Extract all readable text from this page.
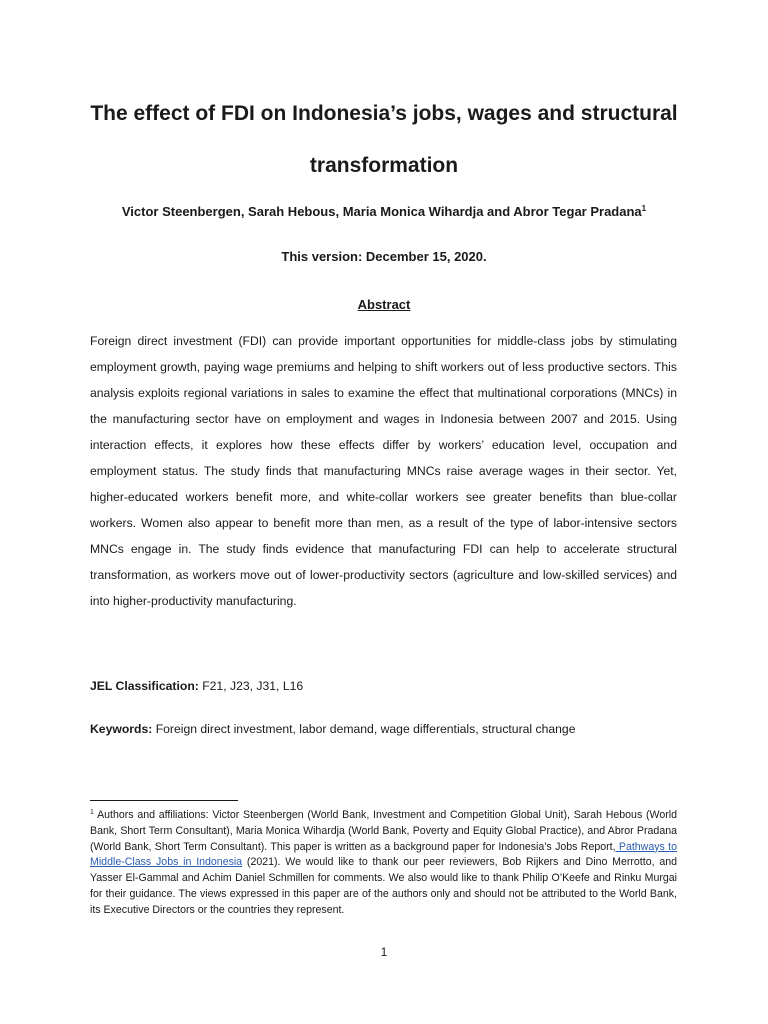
The effect of FDI on Indonesia’s jobs, wages and structural transformation
Victor Steenbergen, Sarah Hebous, Maria Monica Wihardja and Abror Tegar Pradana$^1$
This version: December 15, 2020.
Abstract

Foreign direct investment (FDI) can provide important opportunities for middle-class jobs by stimulating employment growth, paying wage premiums and helping to shift workers out of less productive sectors. This analysis exploits regional variations in sales to examine the effect that multinational corporations (MNCs) in the manufacturing sector have on employment and wages in Indonesia between 2007 and 2015. Using interaction effects, it explores how these effects differ by workers’ education level, occupation and employment status. The study finds that manufacturing MNCs raise average wages in their sector. Yet, higher-educated workers benefit more, and white-collar workers see greater benefits than blue-collar workers. Women also appear to benefit more than men, as a result of the type of labor-intensive sectors MNCs engage in. The study finds evidence that manufacturing FDI can help to accelerate structural transformation, as workers move out of lower-productivity sectors (agriculture and low-skilled services) and into higher-productivity manufacturing.

JEL Classification: F21, J23, J31, L16
Keywords: Foreign direct investment, labor demand, wage differentials, structural change

$^1$ Authors and affiliations: Victor Steenbergen (World Bank, Investment and Competition Global Unit), Sarah Hebous (World Bank, Short Term Consultant), Maria Monica Wihardja (World Bank, Poverty and Equity Global Practice), and Abror Pradana (World Bank, Short Term Consultant). This paper is written as a background paper for Indonesia’s Jobs Report, Pathways to Middle-Class Jobs in Indonesia (2021). We would like to thank our peer reviewers, Bob Rijkers and Dino Merrotto, and Yasser El-Gammal and Achim Daniel Schmillen for comments. We also would like to thank Philip O’Keefe and Rinku Murgai for their guidance. The views expressed in this paper are of the authors only and should not be attributed to the World Bank, its Executive Directors or the countries they represent.

1
